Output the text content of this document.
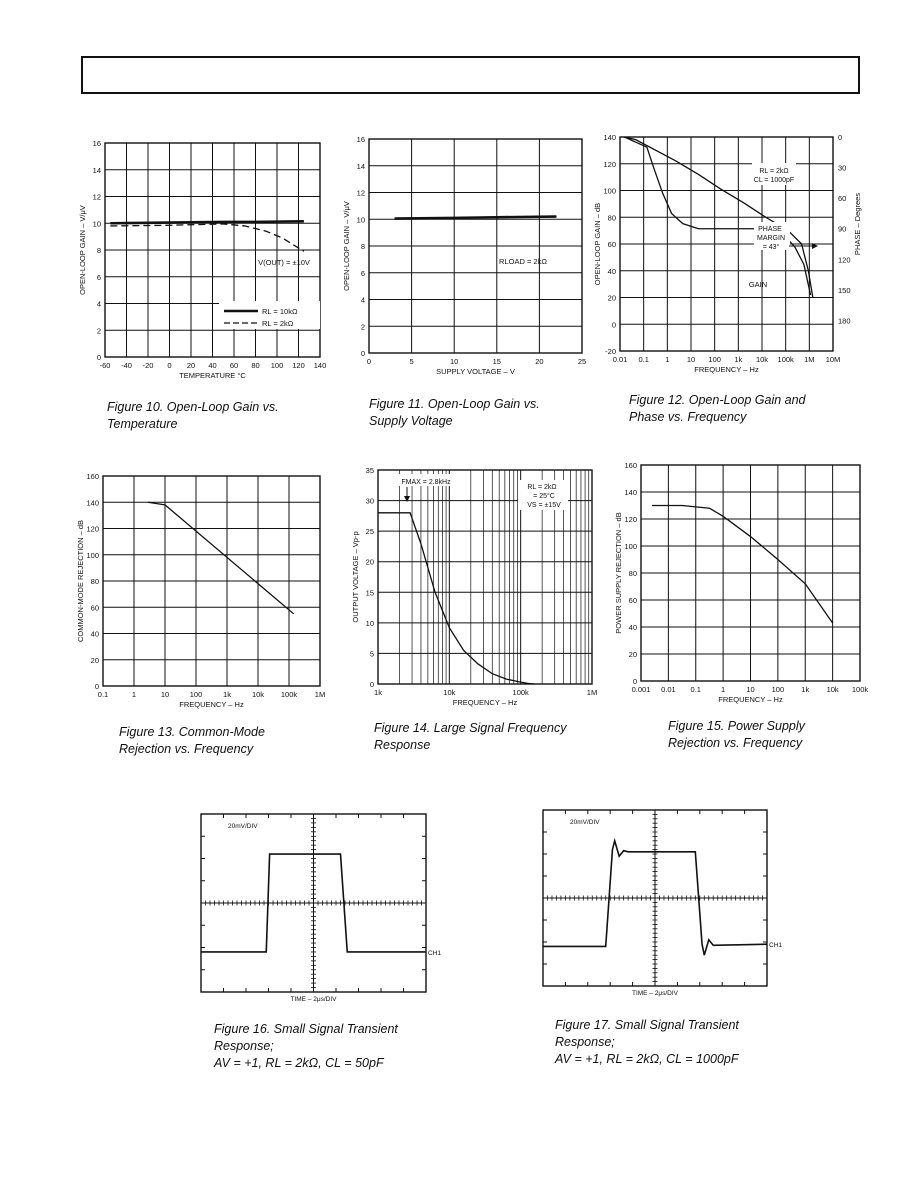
Figure 10. Open-Loop Gain vs.
Temperature
Figure 11. Open-Loop Gain vs.
Supply Voltage
Figure 12. Open-Loop Gain and
Phase vs. Frequency
Figure 13. Common-Mode
Rejection vs. Frequency
Figure 14. Large Signal Frequency
Response
Figure 15. Power Supply
Rejection vs. Frequency
Figure 16. Small Signal Transient
Response;
AV = +1, RL = 2kΩ, CL = 50pF
Figure 17. Small Signal Transient
Response;
AV = +1, RL = 2kΩ, CL = 1000pF
-60 -40 -20 0 20 40 60 80 100 120 140
0
2
4
6
8
10
12
14
16
TEMPERATURE °C
OPEN-LOOP GAIN – V/μV	V(OUT) = ±10V
RL = 10kΩ
RL = 2kΩ
0	5	10	15	20	25
0
2
4
6
8
10
12
14
16
SUPPLY VOLTAGE – V
OPEN-LOOP GAIN – V/μV	RLOAD = 2kΩ
0.01 0.1 1 10 100 1k 10k 100k 1M 10M
-20
0
20
40
60
80
100
120
140
FREQUENCY – Hz
OPEN-LOOP GAIN – dB
0
30
60
90
120
150
180
PHASE – Degrees
RL = 2kΩ
CL = 1000pF
PHASE
MARGIN
= 43°
GAIN
0.1	1	10	100	1k	10k 100k 1M
0
20
40
60
80
100
120
140
160
FREQUENCY – Hz
COMMON-MODE REJECTION – dB
1k	10k	100k	1M
0
5
10
15
20
25
30
35
FREQUENCY – Hz
OUTPUT VOLTAGE – Vp-p
FMAX = 2.8kHz
RL = 2kΩ
= 25°C
VS = ±15V
0.001 0.01 0.1	1	10 100 1k 10k 100k
0
20
40
60
80
100
120
140
160
FREQUENCY – Hz
POWER SUPPLY REJECTION – dB
20mV/DIV
CH1
TIME – 2μs/DIV
20mV/DIV
CH1
TIME – 2μs/DIV
